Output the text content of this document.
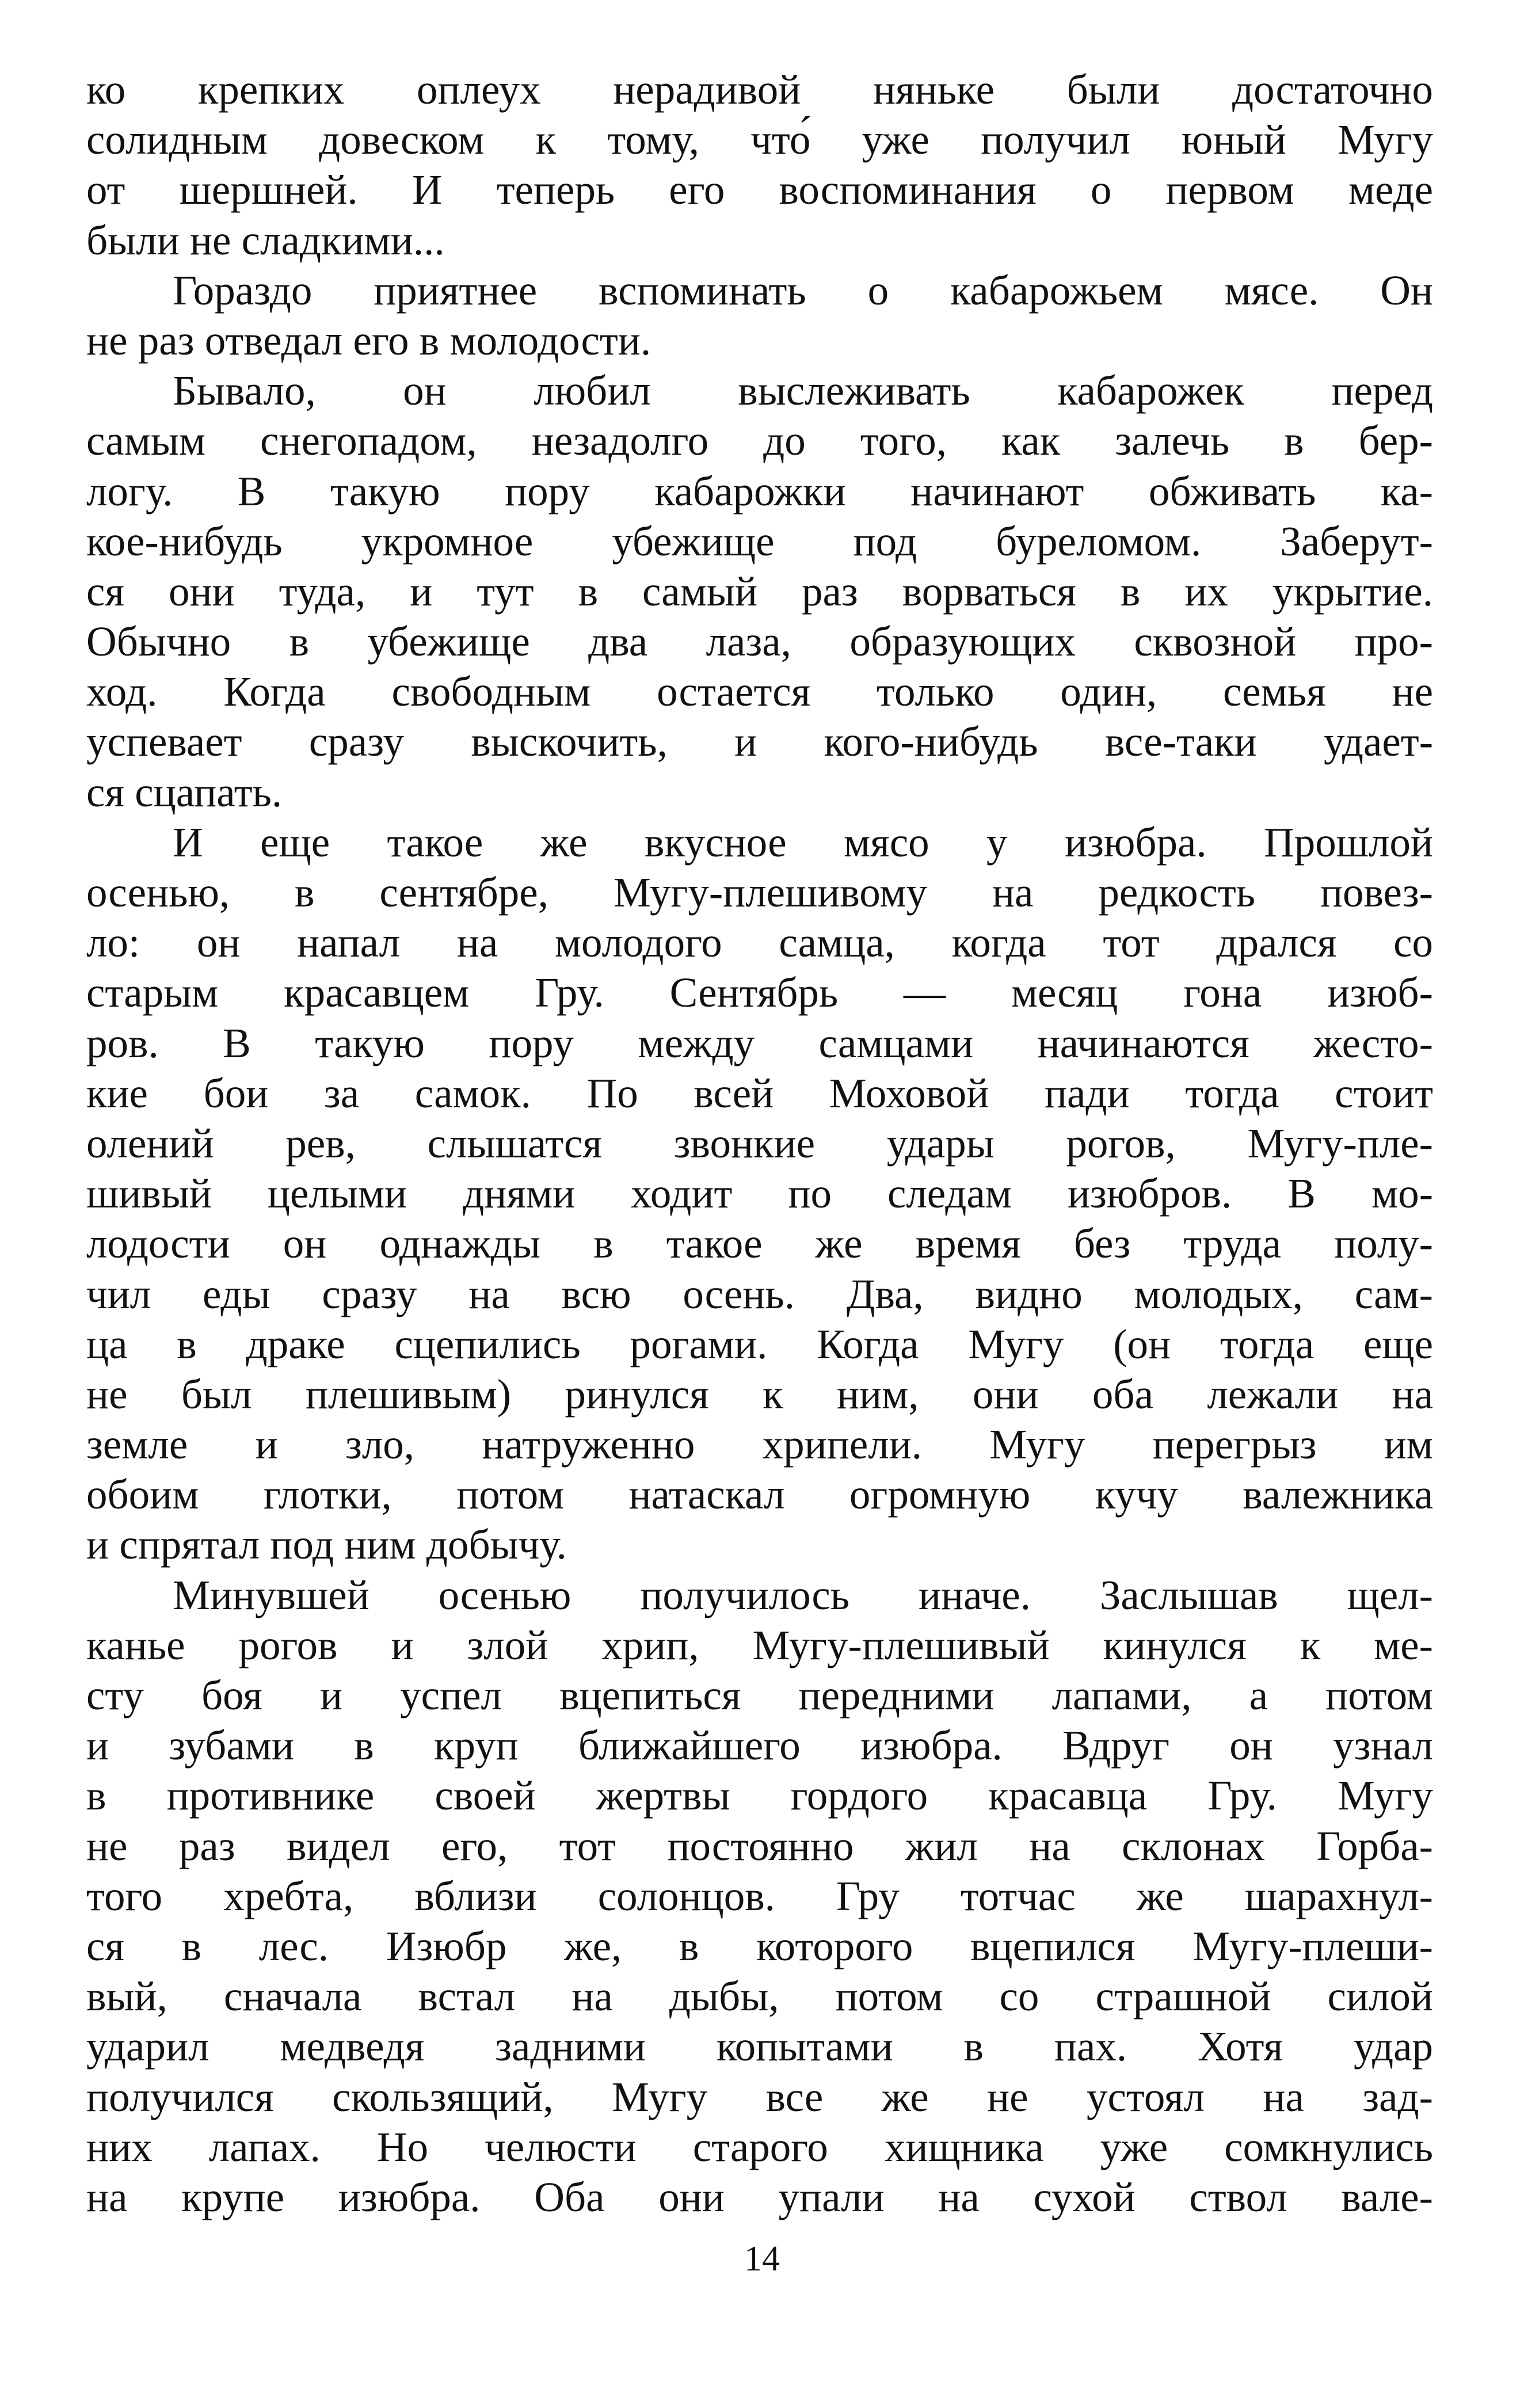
ко крепких оплеух нерадивой няньке были достаточно
солидным довеском к тому, что́ уже получил юный Мугу
от шершней. И теперь его воспоминания о первом меде
были не сладкими...
Гораздо приятнее вспоминать о кабарожьем мясе. Он
не раз отведал его в молодости.
Бывало, он любил выслеживать кабарожек перед
самым снегопадом, незадолго до того, как залечь в бер-
логу. В такую пору кабарожки начинают обживать ка-
кое-нибудь укромное убежище под буреломом. Заберут-
ся они туда, и тут в самый раз ворваться в их укрытие.
Обычно в убежище два лаза, образующих сквозной про-
ход. Когда свободным остается только один, семья не
успевает сразу выскочить, и кого-нибудь все-таки удает-
ся сцапать.
И еще такое же вкусное мясо у изюбра. Прошлой
осенью, в сентябре, Мугу-плешивому на редкость повез-
ло: он напал на молодого самца, когда тот дрался со
старым красавцем Гру. Сентябрь — месяц гона изюб-
ров. В такую пору между самцами начинаются жесто-
кие бои за самок. По всей Моховой пади тогда стоит
олений рев, слышатся звонкие удары рогов, Мугу-пле-
шивый целыми днями ходит по следам изюбров. В мо-
лодости он однажды в такое же время без труда полу-
чил еды сразу на всю осень. Два, видно молодых, сам-
ца в драке сцепились рогами. Когда Мугу (он тогда еще
не был плешивым) ринулся к ним, они оба лежали на
земле и зло, натруженно хрипели. Мугу перегрыз им
обоим глотки, потом натаскал огромную кучу валежника
и спрятал под ним добычу.
Минувшей осенью получилось иначе. Заслышав щел-
канье рогов и злой хрип, Мугу-плешивый кинулся к ме-
сту боя и успел вцепиться передними лапами, а потом
и зубами в круп ближайшего изюбра. Вдруг он узнал
в противнике своей жертвы гордого красавца Гру. Мугу
не раз видел его, тот постоянно жил на склонах Горба-
того хребта, вблизи солонцов. Гру тотчас же шарахнул-
ся в лес. Изюбр же, в которого вцепился Мугу-плеши-
вый, сначала встал на дыбы, потом со страшной силой
ударил медведя задними копытами в пах. Хотя удар
получился скользящий, Мугу все же не устоял на зад-
них лапах. Но челюсти старого хищника уже сомкнулись
на крупе изюбра. Оба они упали на сухой ствол вале-
14
